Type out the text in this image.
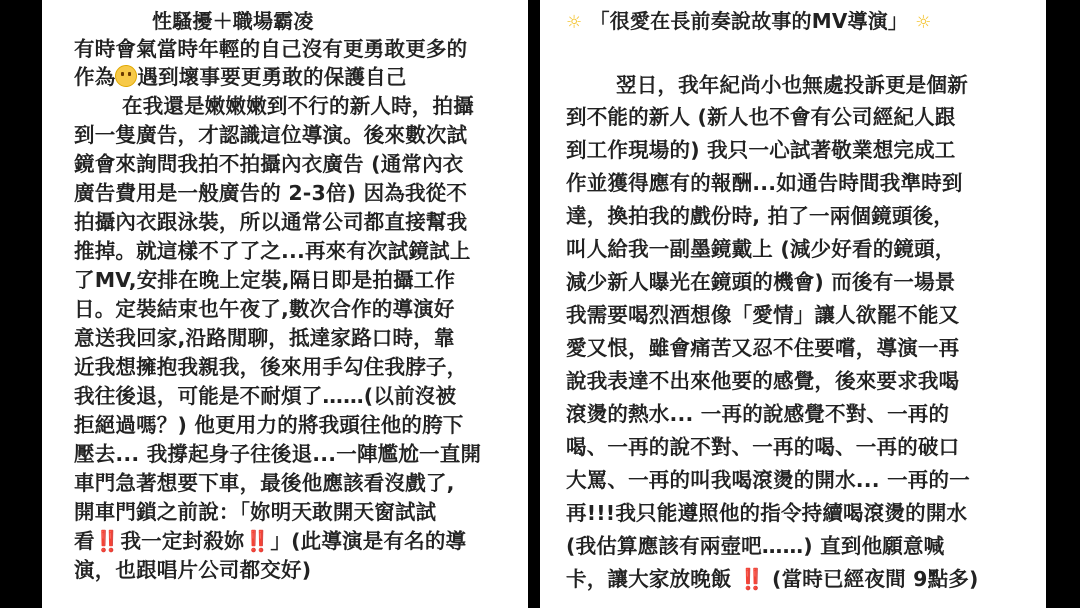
性騷擾＋職場霸凌
有時會氣當時年輕的自己沒有更勇敢更多的
作為 遇到壞事要更勇敢的保護自己
在我還是嫩嫩嫩到不行的新人時，拍攝
到一隻廣告，才認識這位導演。後來數次試
鏡會來詢問我拍不拍攝內衣廣告 (通常內衣
廣告費用是一般廣告的 2-3倍) 因為我從不
拍攝內衣跟泳裝，所以通常公司都直接幫我
推掉。就這樣不了了之...再來有次試鏡試上
了MV,安排在晚上定裝,隔日即是拍攝工作
日。定裝結束也午夜了,數次合作的導演好
意送我回家,沿路閒聊，抵達家路口時，靠
近我想擁抱我親我，後來用手勾住我脖子，
我往後退，可能是不耐煩了……(以前沒被
拒絕過嗎？) 他更用力的將我頭往他的胯下
壓去... 我撐起身子往後退...一陣尷尬一直開
車門急著想要下車，最後他應該看沒戲了,
開車門鎖之前說：「妳明天敢開天窗試試
看‼️我一定封殺妳‼️」(此導演是有名的導
演，也跟唱片公司都交好)
☼ 「很愛在長前奏說故事的MV導演」 ☼
翌日，我年紀尚小也無處投訴更是個新
到不能的新人 (新人也不會有公司經紀人跟
到工作現場的) 我只一心試著敬業想完成工
作並獲得應有的報酬...如通告時間我準時到
達，換拍我的戲份時, 拍了一兩個鏡頭後，
叫人給我一副墨鏡戴上 (減少好看的鏡頭，
減少新人曝光在鏡頭的機會) 而後有一場景
我需要喝烈酒想像「愛情」讓人欲罷不能又
愛又恨，雖會痛苦又忍不住要嚐，導演一再
說我表達不出來他要的感覺，後來要求我喝
滾燙的熱水... 一再的說感覺不對、一再的
喝、一再的說不對、一再的喝、一再的破口
大罵、一再的叫我喝滾燙的開水... 一再的一
再!!!我只能遵照他的指令持續喝滾燙的開水
(我估算應該有兩壺吧……) 直到他願意喊
卡，讓大家放晚飯 ‼️ (當時已經夜間 9點多)
